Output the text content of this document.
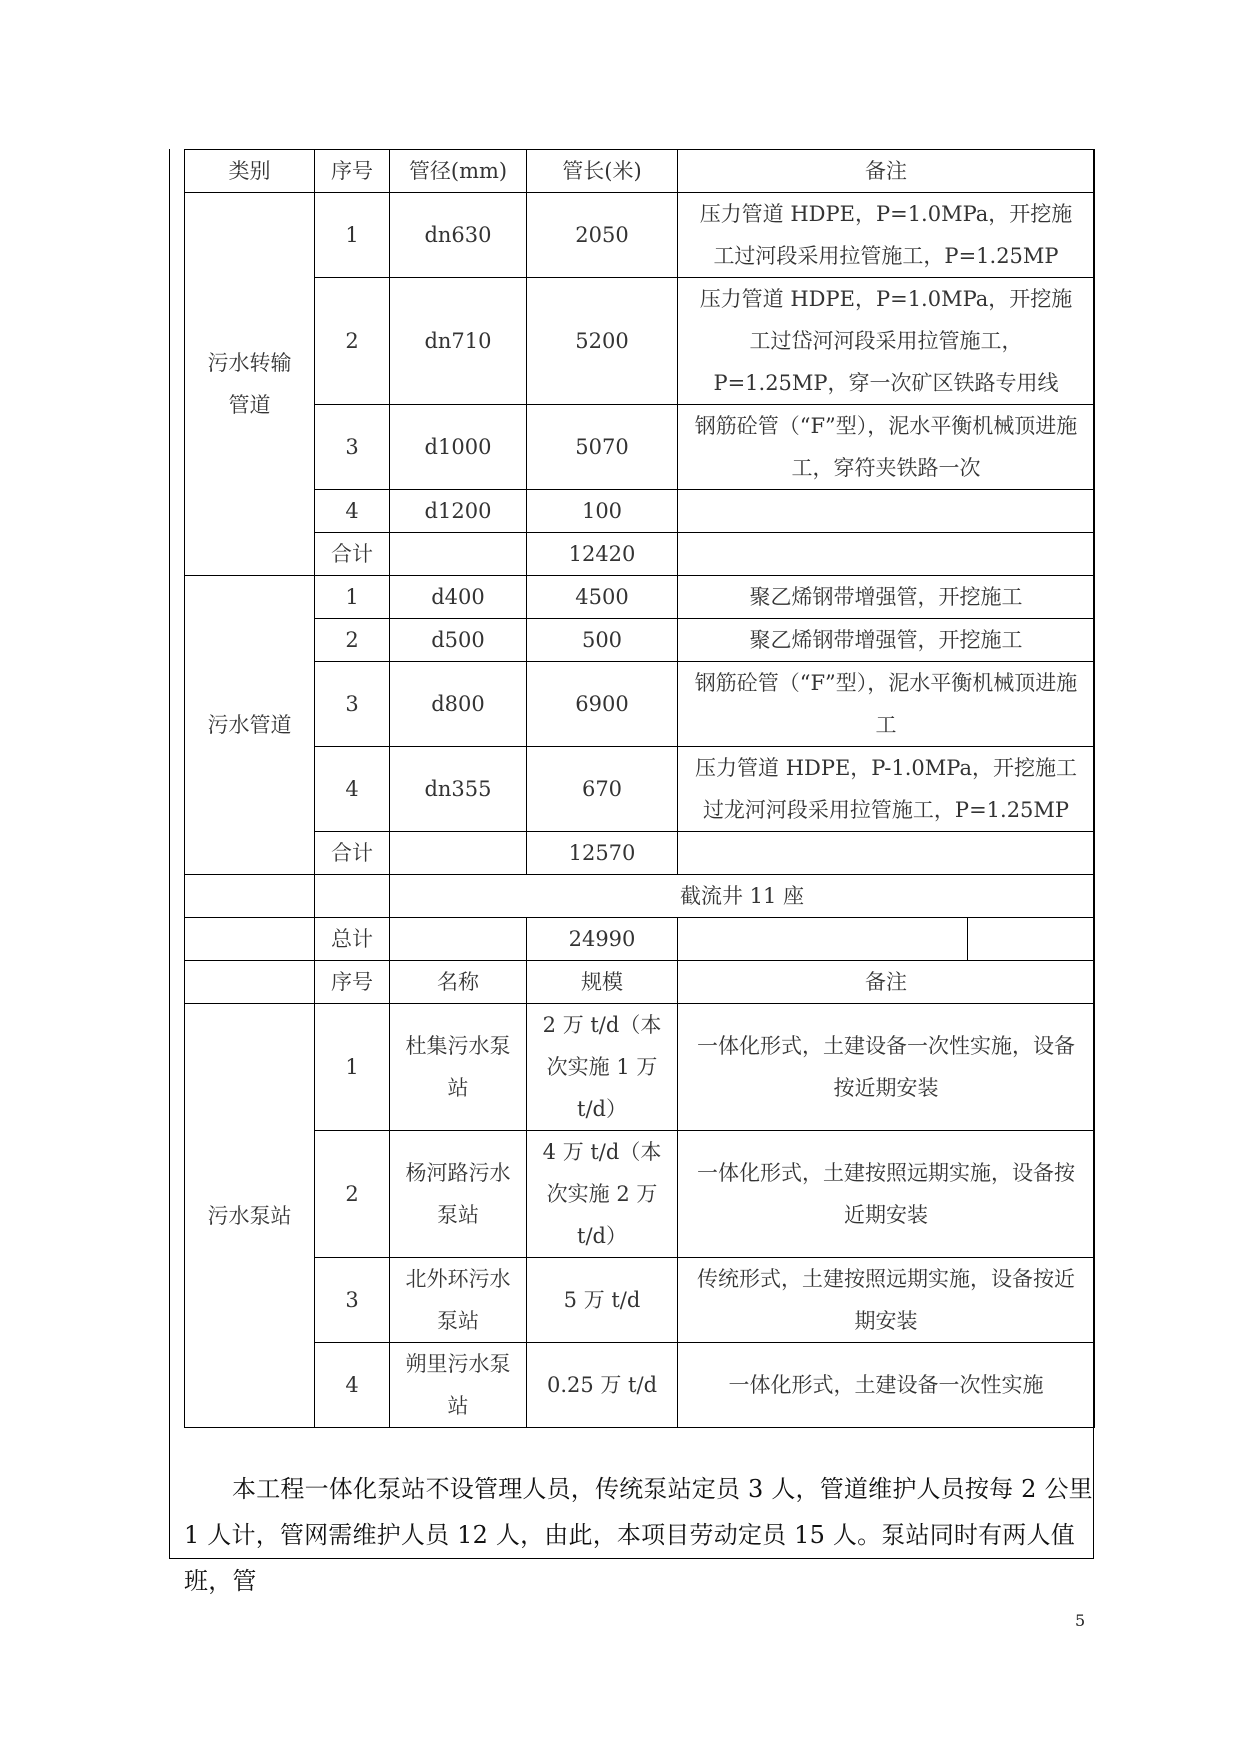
类别	序号	管径(mm)	管长(米)	备注
污水转输管道	1	dn630	2050	压力管道 HDPE，P=1.0MPa，开挖施工过河段采用拉管施工，P=1.25MP
	2	dn710	5200	压力管道 HDPE，P=1.0MPa，开挖施工过岱河河段采用拉管施工，P=1.25MP，穿一次矿区铁路专用线
	3	d1000	5070	钢筋砼管（“F”型），泥水平衡机械顶进施工，穿符夹铁路一次
	4	d1200	100	
	合计		12420	
污水管道	1	d400	4500	聚乙烯钢带增强管，开挖施工
	2	d500	500	聚乙烯钢带增强管，开挖施工
	3	d800	6900	钢筋砼管（“F”型），泥水平衡机械顶进施工
	4	dn355	670	压力管道 HDPE，P-1.0MPa，开挖施工过龙河河段采用拉管施工，P=1.25MP
	合计		12570	
		截流井 11 座		
	总计		24990	

	序号	名称	规模	备注
污水泵站	1	杜集污水泵站	2 万 t/d（本次实施 1 万 t/d）	一体化形式，土建设备一次性实施，设备按近期安装
	2	杨河路污水泵站	4 万 t/d（本次实施 2 万 t/d）	一体化形式，土建按照远期实施，设备按近期安装
	3	北外环污水泵站	5 万 t/d	传统形式，土建按照远期实施，设备按近期安装
	4	朔里污水泵站	0.25 万 t/d	一体化形式，土建设备一次性实施
本工程一体化泵站不设管理人员，传统泵站定员 3 人，管道维护人员按每 2 公里 1 人计，管网需维护人员 12 人，由此，本项目劳动定员 15 人。泵站同时有两人值班，管
5
